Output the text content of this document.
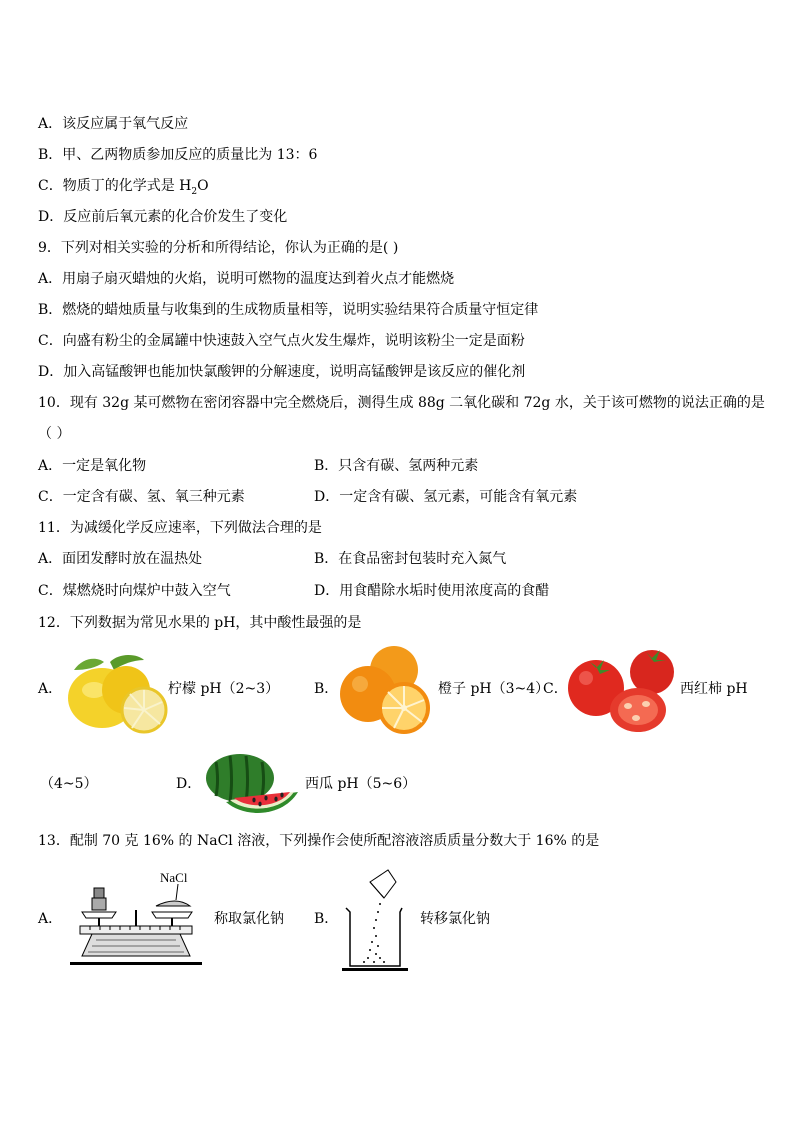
A．该反应属于氧气反应
B．甲、乙两物质参加反应的质量比为 13：6
C．物质丁的化学式是 $H_2O$
D．反应前后氧元素的化合价发生了变化
9．下列对相关实验的分析和所得结论，你认为正确的是( )
A．用扇子扇灭蜡烛的火焰，说明可燃物的温度达到着火点才能燃烧
B．燃烧的蜡烛质量与收集到的生成物质量相等，说明实验结果符合质量守恒定律
C．向盛有粉尘的金属罐中快速鼓入空气点火发生爆炸，说明该粉尘一定是面粉
D．加入高锰酸钾也能加快氯酸钾的分解速度，说明高锰酸钾是该反应的催化剂
10．现有 32g 某可燃物在密闭容器中完全燃烧后，测得生成 88g 二氧化碳和 72g 水，关于该可燃物的说法正确的是
（ ）
A．一定是氧化物	B．只含有碳、氢两种元素
C．一定含有碳、氢、氧三种元素	D．一定含有碳、氢元素，可能含有氧元素
11．为减缓化学反应速率，下列做法合理的是
A．面团发酵时放在温热处	B．在食品密封包装时充入氮气
C．煤燃烧时向煤炉中鼓入空气	D．用食醋除水垢时使用浓度高的食醋
12．下列数据为常见水果的 pH，其中酸性最强的是
A．	柠檬 pH（2~3） B．	橙子 pH（3~4）
C．	西红柿 pH
（4~5）	D．	西瓜 pH（5~6）
13．配制 70 克 16% 的 NaCl 溶液，下列操作会使所配溶液溶质质量分数大于 16% 的是
A．
NaCl
称取氯化钠 B．	转移氯化钠
